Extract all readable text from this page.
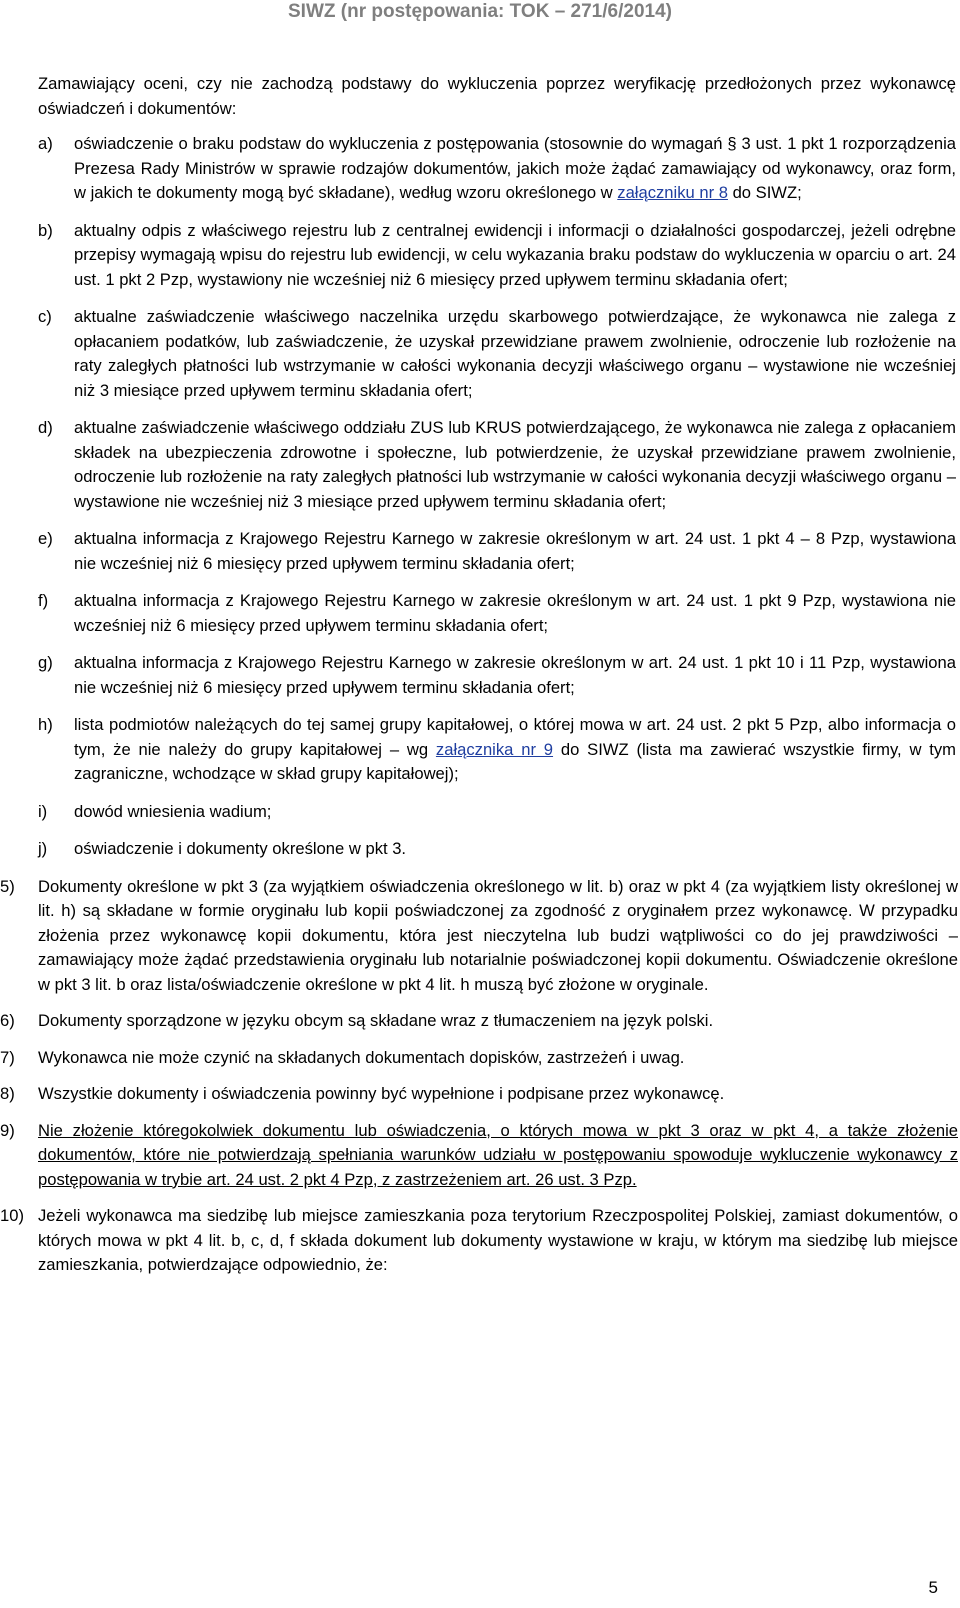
SIWZ (nr postępowania: TOK – 271/6/2014)

Zamawiający oceni, czy nie zachodzą podstawy do wykluczenia poprzez weryfikację przedłożonych przez wykonawcę oświadczeń i dokumentów:

a)	oświadczenie o braku podstaw do wykluczenia z postępowania (stosownie do wymagań § 3 ust. 1 pkt 1 rozporządzenia Prezesa Rady Ministrów w sprawie rodzajów dokumentów, jakich może żądać zamawiający od wykonawcy, oraz form, w jakich te dokumenty mogą być składane), według wzoru określonego w załączniku nr 8 do SIWZ;
b)	aktualny odpis z właściwego rejestru lub z centralnej ewidencji i informacji o działalności gospodarczej, jeżeli odrębne przepisy wymagają wpisu do rejestru lub ewidencji, w celu wykazania braku podstaw do wykluczenia w oparciu o art. 24 ust. 1 pkt 2 Pzp, wystawiony nie wcześniej niż 6 miesięcy przed upływem terminu składania ofert;
c)	aktualne zaświadczenie właściwego naczelnika urzędu skarbowego potwierdzające, że wykonawca nie zalega z opłacaniem podatków, lub zaświadczenie, że uzyskał przewidziane prawem zwolnienie, odroczenie lub rozłożenie na raty zaległych płatności lub wstrzymanie w całości wykonania decyzji właściwego organu – wystawione nie wcześniej niż 3 miesiące przed upływem terminu składania ofert;
d)	aktualne zaświadczenie właściwego oddziału ZUS lub KRUS potwierdzającego, że wykonawca nie zalega z opłacaniem składek na ubezpieczenia zdrowotne i społeczne, lub potwierdzenie, że uzyskał przewidziane prawem zwolnienie, odroczenie lub rozłożenie na raty zaległych płatności lub wstrzymanie w całości wykonania decyzji właściwego organu – wystawione nie wcześniej niż 3 miesiące przed upływem terminu składania ofert;
e)	aktualna informacja z Krajowego Rejestru Karnego w zakresie określonym w art. 24 ust. 1 pkt 4 – 8 Pzp, wystawiona nie wcześniej niż 6 miesięcy przed upływem terminu składania ofert;
f)	aktualna informacja z Krajowego Rejestru Karnego w zakresie określonym w art. 24 ust. 1 pkt 9 Pzp, wystawiona nie wcześniej niż 6 miesięcy przed upływem terminu składania ofert;
g)	aktualna informacja z Krajowego Rejestru Karnego w zakresie określonym w art. 24 ust. 1 pkt 10 i 11 Pzp, wystawiona nie wcześniej niż 6 miesięcy przed upływem terminu składania ofert;
h)	lista podmiotów należących do tej samej grupy kapitałowej, o której mowa w art. 24 ust. 2 pkt 5 Pzp, albo informacja o tym, że nie należy do grupy kapitałowej – wg załącznika nr 9 do SIWZ (lista ma zawierać wszystkie firmy, w tym zagraniczne, wchodzące w skład grupy kapitałowej);
i)	dowód wniesienia wadium;
j)	oświadczenie i dokumenty określone w pkt 3.
5)	Dokumenty określone w pkt 3 (za wyjątkiem oświadczenia określonego w lit. b) oraz w pkt 4 (za wyjątkiem listy określonej w lit. h) są składane w formie oryginału lub kopii poświadczonej za zgodność z oryginałem przez wykonawcę. W przypadku złożenia przez wykonawcę kopii dokumentu, która jest nieczytelna lub budzi wątpliwości co do jej prawdziwości – zamawiający może żądać przedstawienia oryginału lub notarialnie poświadczonej kopii dokumentu. Oświadczenie określone w pkt 3 lit. b oraz lista/oświadczenie określone w pkt 4 lit. h muszą być złożone w oryginale.
6)	Dokumenty sporządzone w języku obcym są składane wraz z tłumaczeniem na język polski.
7)	Wykonawca nie może czynić na składanych dokumentach dopisków, zastrzeżeń i uwag.
8)	Wszystkie dokumenty i oświadczenia powinny być wypełnione i podpisane przez wykonawcę.
9)	Nie złożenie któregokolwiek dokumentu lub oświadczenia, o których mowa w pkt 3 oraz w pkt 4, a także złożenie dokumentów, które nie potwierdzają spełniania warunków udziału w postępowaniu spowoduje wykluczenie wykonawcy z postępowania w trybie art. 24 ust. 2 pkt 4 Pzp, z zastrzeżeniem art. 26 ust. 3 Pzp.
10) Jeżeli wykonawca ma siedzibę lub miejsce zamieszkania poza terytorium Rzeczpospolitej Polskiej, zamiast dokumentów, o których mowa w pkt 4 lit. b, c, d, f składa dokument lub dokumenty wystawione w kraju, w którym ma siedzibę lub miejsce zamieszkania, potwierdzające odpowiednio, że:
5
